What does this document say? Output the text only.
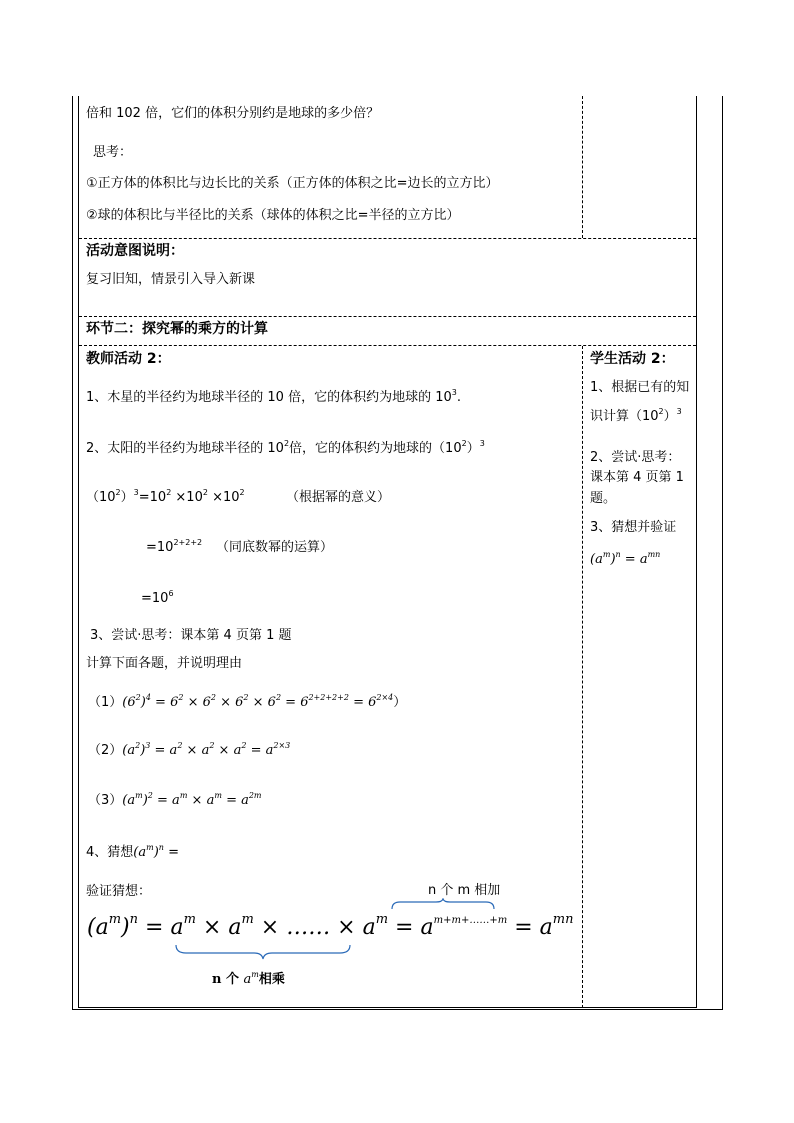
倍和 102 倍，它们的体积分别约是地球的多少倍？
思考：
①正方体的体积比与边长比的关系（正方体的体积之比=边长的立方比）
②球的体积比与半径比的关系（球体的体积之比=半径的立方比）
活动意图说明：
复习旧知，情景引入导入新课
环节二：探究幂的乘方的计算
教师活动 2：
1、木星的半径约为地球半径的 10 倍，它的体积约为地球的 $10^3$.
2、太阳的半径约为地球半径的 $10^2$倍，它的体积约为地球的$(10^2)^3$
$(10^2)^3=10^2 \times 10^2 \times 10^2$	（根据幂的意义）
$=10^{2+2+2}$ （同底数幂的运算）
$=10^6$
3、尝试·思考：课本第 4 页第 1 题
计算下面各题，并说明理由
$(1)(6^2)^4 = 6^2 \times 6^2 \times 6^2 \times 6^2 = 6^{2+2+2+2} = 6^{2\times 4}$）
$(2)(a^2)^3 = a^2 \times a^2 \times a^2 = a^{2\times 3}$
$(3)(a^m)^2 = a^m \times a^m = a^{2m}$
4、猜想$(a^m)^n$ =
验证猜想：	n 个 m 相加
$(a^m)^n = a^m \times a^m$ × …… × $a^m = a^{m+m+\dots\dots+m} = a^{mn}$
n 个 $a^m$相乘
学生活动 2：
1、根据已有的知
识计算$(10^2)^3$
2、尝试·思考：
课本第 4 页第 1
题。
3、猜想并验证
$(a^m)^n = a^{mn}$
